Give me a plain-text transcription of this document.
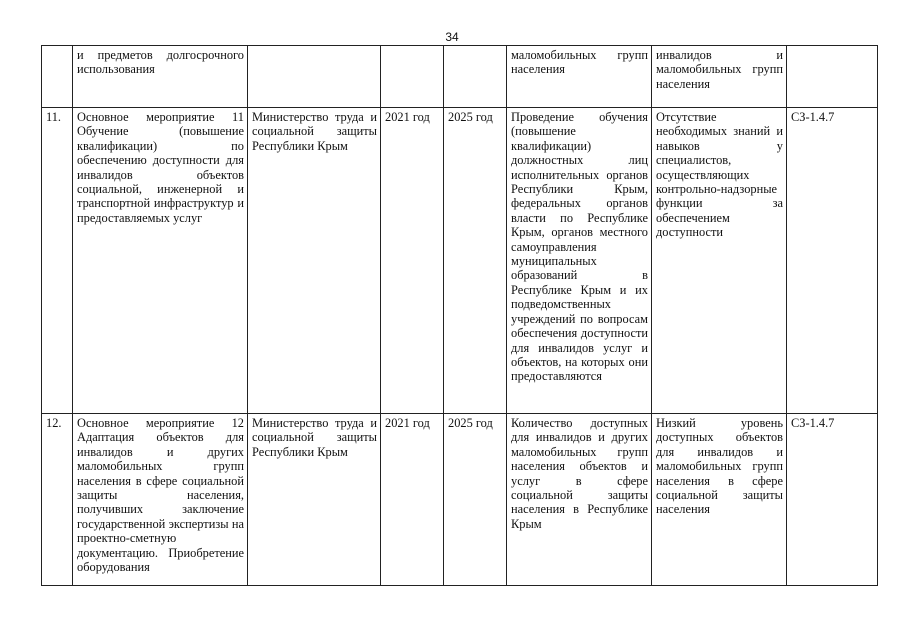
34
	и предметов долгосрочного использования				маломобильных групп населения	инвалидов и маломобильных групп населения	
11.	Основное мероприятие 11 Обучение (повышение квалификации) по обеспечению доступности для инвалидов объектов социальной, инженерной и транспортной инфраструктур и предоставляемых услуг	Министерство труда и социальной защиты Республики Крым	2021 год	2025 год	Проведение обучения (повышение квалификации) должностных лиц исполнительных органов Республики Крым, федеральных органов власти по Республике Крым, органов местного самоуправления муниципальных образований в Республике Крым и их подведомственных учреждений по вопросам обеспечения доступности для инвалидов услуг и объектов, на которых они предоставляются	Отсутствие необходимых знаний и навыков у специалистов, осуществляющих контрольно-надзорные функции за обеспечением доступности	СЗ-1.4.7
12.	Основное мероприятие 12 Адаптация объектов для инвалидов и других маломобильных групп населения в сфере социальной защиты населения, получивших заключение государственной экспертизы на проектно-сметную документацию. Приобретение оборудования	Министерство труда и социальной защиты Республики Крым	2021 год	2025 год	Количество доступных для инвалидов и других маломобильных групп населения объектов и услуг в сфере социальной защиты населения в Республике Крым	Низкий уровень доступных объектов для инвалидов и маломобильных групп населения в сфере социальной защиты населения	СЗ-1.4.7
